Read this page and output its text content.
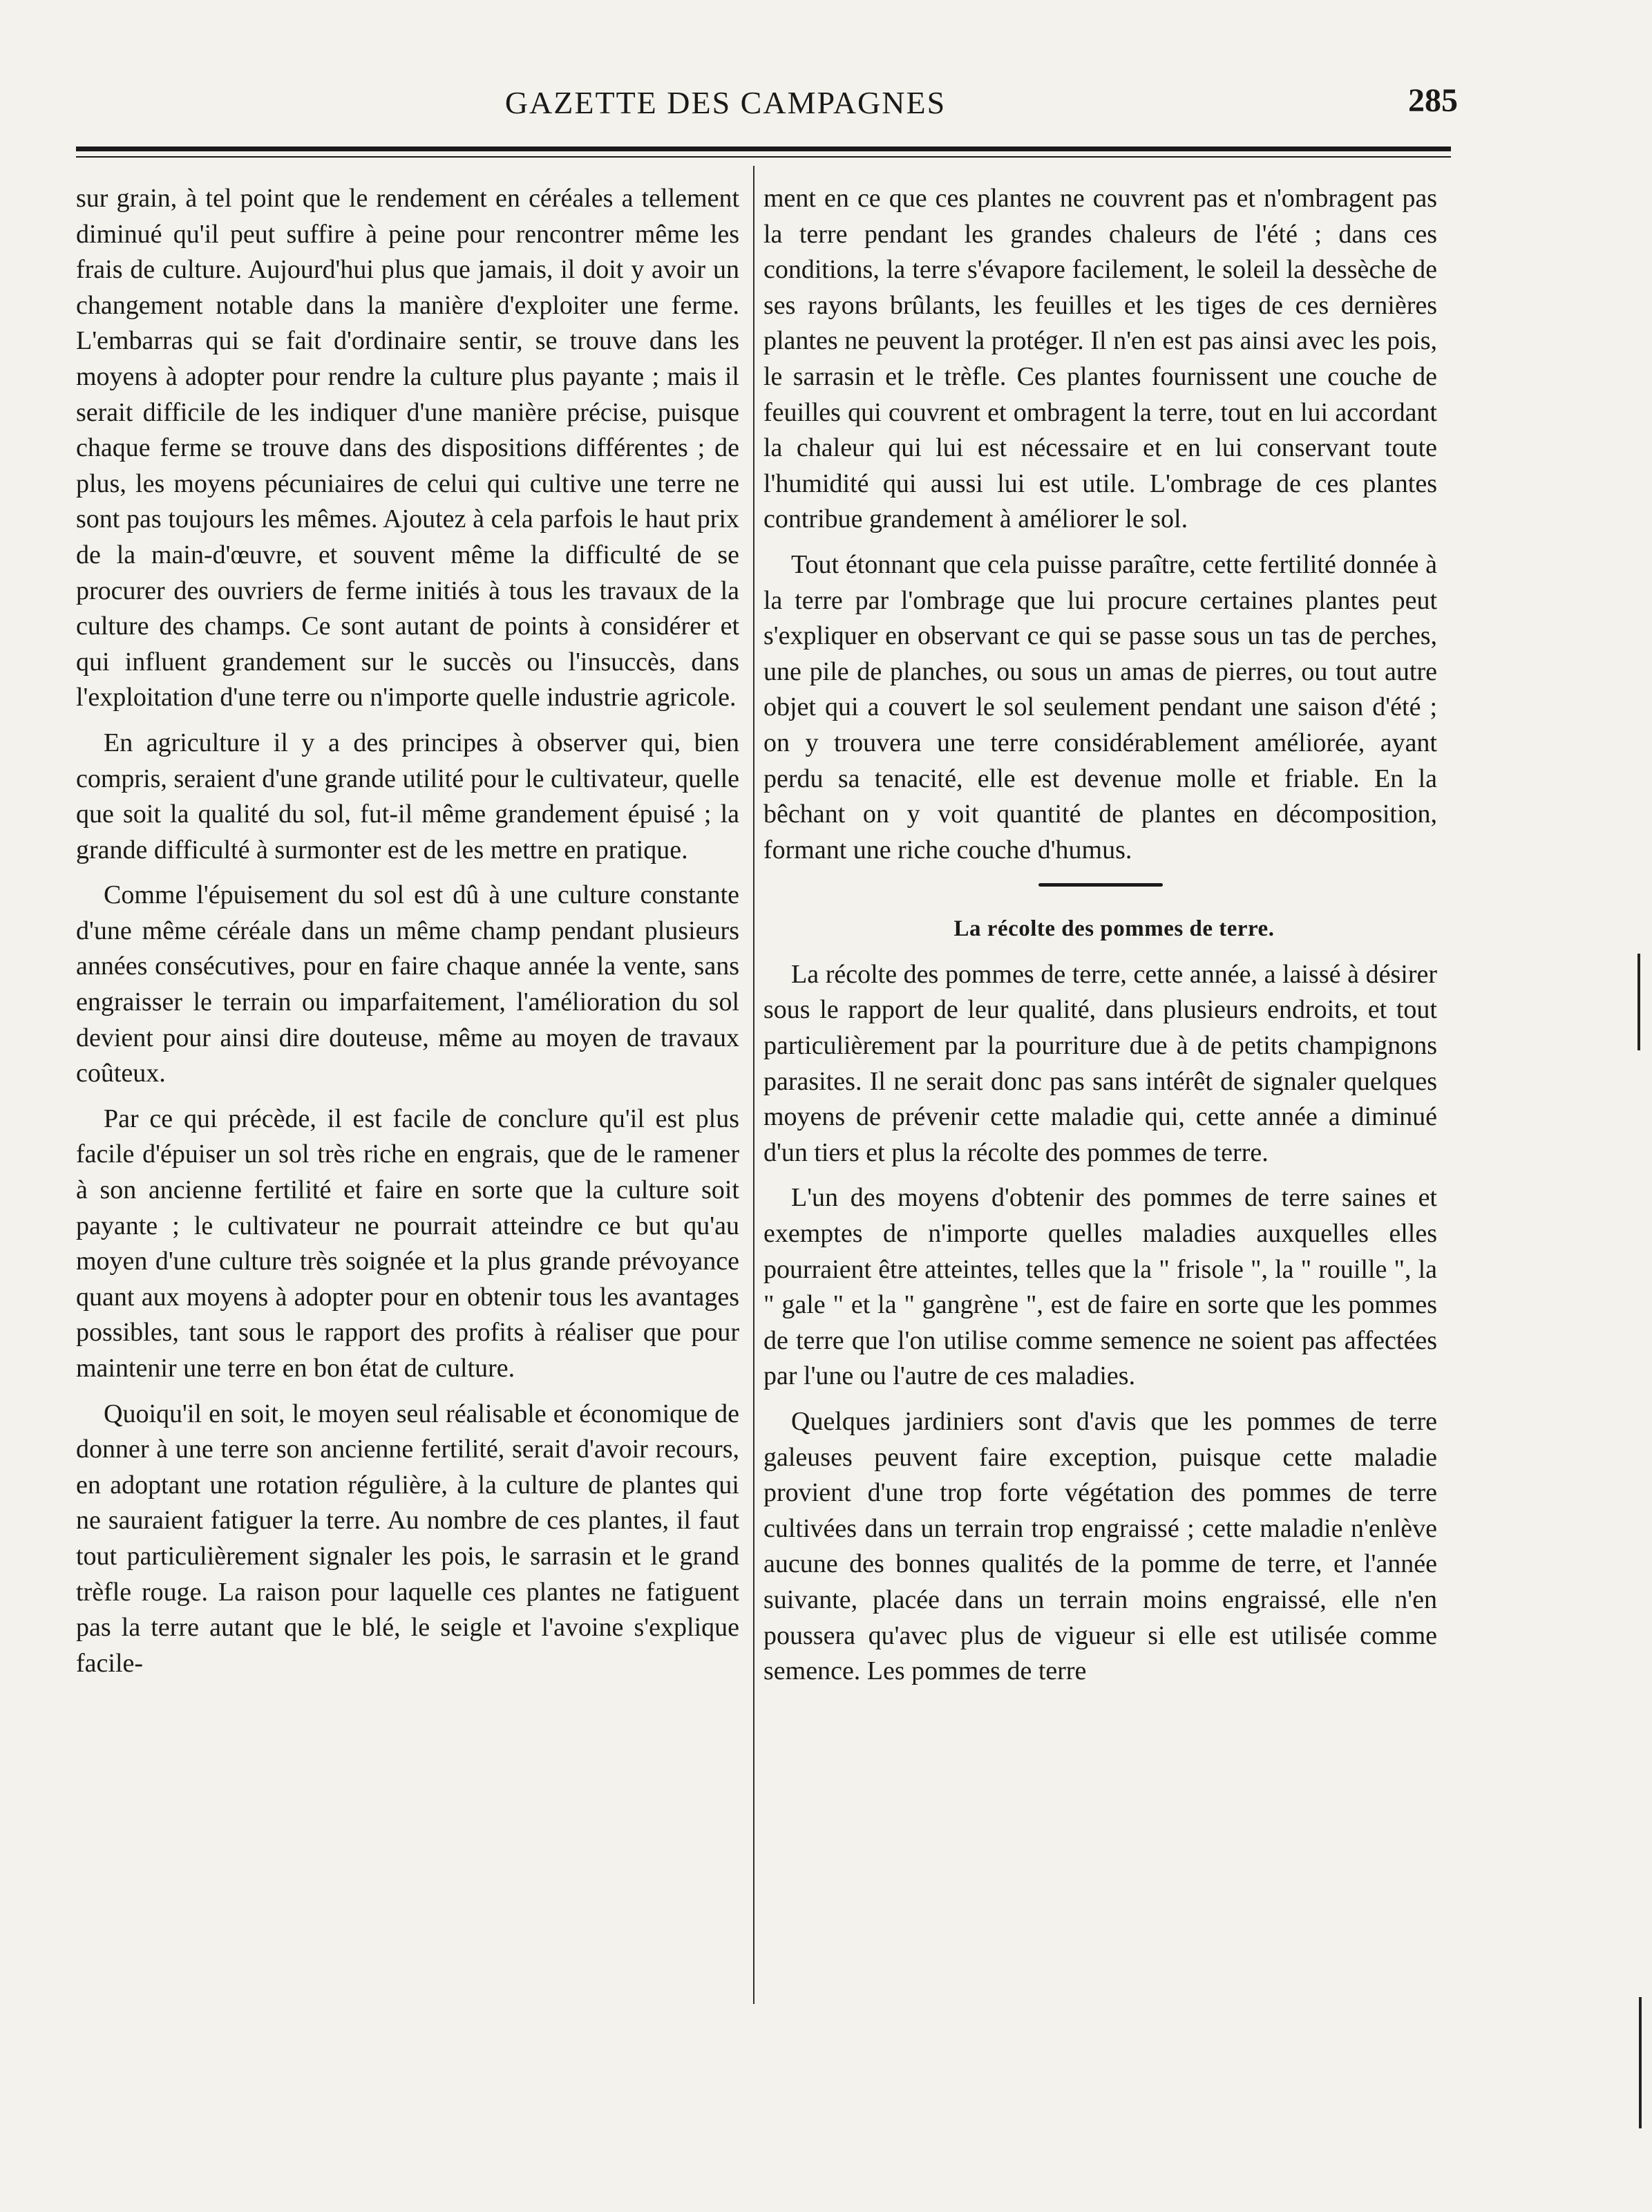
GAZETTE DES CAMPAGNES	285

sur grain, à tel point que le rendement en céréales a tellement diminué qu'il peut suffire à peine pour rencontrer même les frais de culture. Aujourd'hui plus que jamais, il doit y avoir un changement notable dans la manière d'exploiter une ferme. L'embarras qui se fait d'ordinaire sentir, se trouve dans les moyens à adopter pour rendre la culture plus payante ; mais il serait difficile de les indiquer d'une manière précise, puisque chaque ferme se trouve dans des dispositions différentes ; de plus, les moyens pécuniaires de celui qui cultive une terre ne sont pas toujours les mêmes. Ajoutez à cela parfois le haut prix de la main-d'œuvre, et souvent même la difficulté de se procurer des ouvriers de ferme initiés à tous les travaux de la culture des champs. Ce sont autant de points à considérer et qui influent grandement sur le succès ou l'insuccès, dans l'exploitation d'une terre ou n'importe quelle industrie agricole.

En agriculture il y a des principes à observer qui, bien compris, seraient d'une grande utilité pour le cultivateur, quelle que soit la qualité du sol, fut-il même grandement épuisé ; la grande difficulté à surmonter est de les mettre en pratique.

Comme l'épuisement du sol est dû à une culture constante d'une même céréale dans un même champ pendant plusieurs années consécutives, pour en faire chaque année la vente, sans engraisser le terrain ou imparfaitement, l'amélioration du sol devient pour ainsi dire douteuse, même au moyen de travaux coûteux.

Par ce qui précède, il est facile de conclure qu'il est plus facile d'épuiser un sol très riche en engrais, que de le ramener à son ancienne fertilité et faire en sorte que la culture soit payante ; le cultivateur ne pourrait atteindre ce but qu'au moyen d'une culture très soignée et la plus grande prévoyance quant aux moyens à adopter pour en obtenir tous les avantages possibles, tant sous le rapport des profits à réaliser que pour maintenir une terre en bon état de culture.

Quoiqu'il en soit, le moyen seul réalisable et économique de donner à une terre son ancienne fertilité, serait d'avoir recours, en adoptant une rotation régulière, à la culture de plantes qui ne sauraient fatiguer la terre. Au nombre de ces plantes, il faut tout particulièrement signaler les pois, le sarrasin et le grand trèfle rouge. La raison pour laquelle ces plantes ne fatiguent pas la terre autant que le blé, le seigle et l'avoine s'explique facile-

ment en ce que ces plantes ne couvrent pas et n'ombragent pas la terre pendant les grandes chaleurs de l'été ; dans ces conditions, la terre s'évapore facilement, le soleil la dessèche de ses rayons brûlants, les feuilles et les tiges de ces dernières plantes ne peuvent la protéger. Il n'en est pas ainsi avec les pois, le sarrasin et le trèfle. Ces plantes fournissent une couche de feuilles qui couvrent et ombragent la terre, tout en lui accordant la chaleur qui lui est nécessaire et en lui conservant toute l'humidité qui aussi lui est utile. L'ombrage de ces plantes contribue grandement à améliorer le sol.

Tout étonnant que cela puisse paraître, cette fertilité donnée à la terre par l'ombrage que lui procure certaines plantes peut s'expliquer en observant ce qui se passe sous un tas de perches, une pile de planches, ou sous un amas de pierres, ou tout autre objet qui a couvert le sol seulement pendant une saison d'été ; on y trouvera une terre considérablement améliorée, ayant perdu sa tenacité, elle est devenue molle et friable. En la bêchant on y voit quantité de plantes en décomposition, formant une riche couche d'humus.

La récolte des pommes de terre.

La récolte des pommes de terre, cette année, a laissé à désirer sous le rapport de leur qualité, dans plusieurs endroits, et tout particulièrement par la pourriture due à de petits champignons parasites. Il ne serait donc pas sans intérêt de signaler quelques moyens de prévenir cette maladie qui, cette année a diminué d'un tiers et plus la récolte des pommes de terre.

L'un des moyens d'obtenir des pommes de terre saines et exemptes de n'importe quelles maladies auxquelles elles pourraient être atteintes, telles que la " frisole ", la " rouille ", la " gale " et la " gangrène ", est de faire en sorte que les pommes de terre que l'on utilise comme semence ne soient pas affectées par l'une ou l'autre de ces maladies.

Quelques jardiniers sont d'avis que les pommes de terre galeuses peuvent faire exception, puisque cette maladie provient d'une trop forte végétation des pommes de terre cultivées dans un terrain trop engraissé ; cette maladie n'enlève aucune des bonnes qualités de la pomme de terre, et l'année suivante, placée dans un terrain moins engraissé, elle n'en poussera qu'avec plus de vigueur si elle est utilisée comme semence. Les pommes de terre
